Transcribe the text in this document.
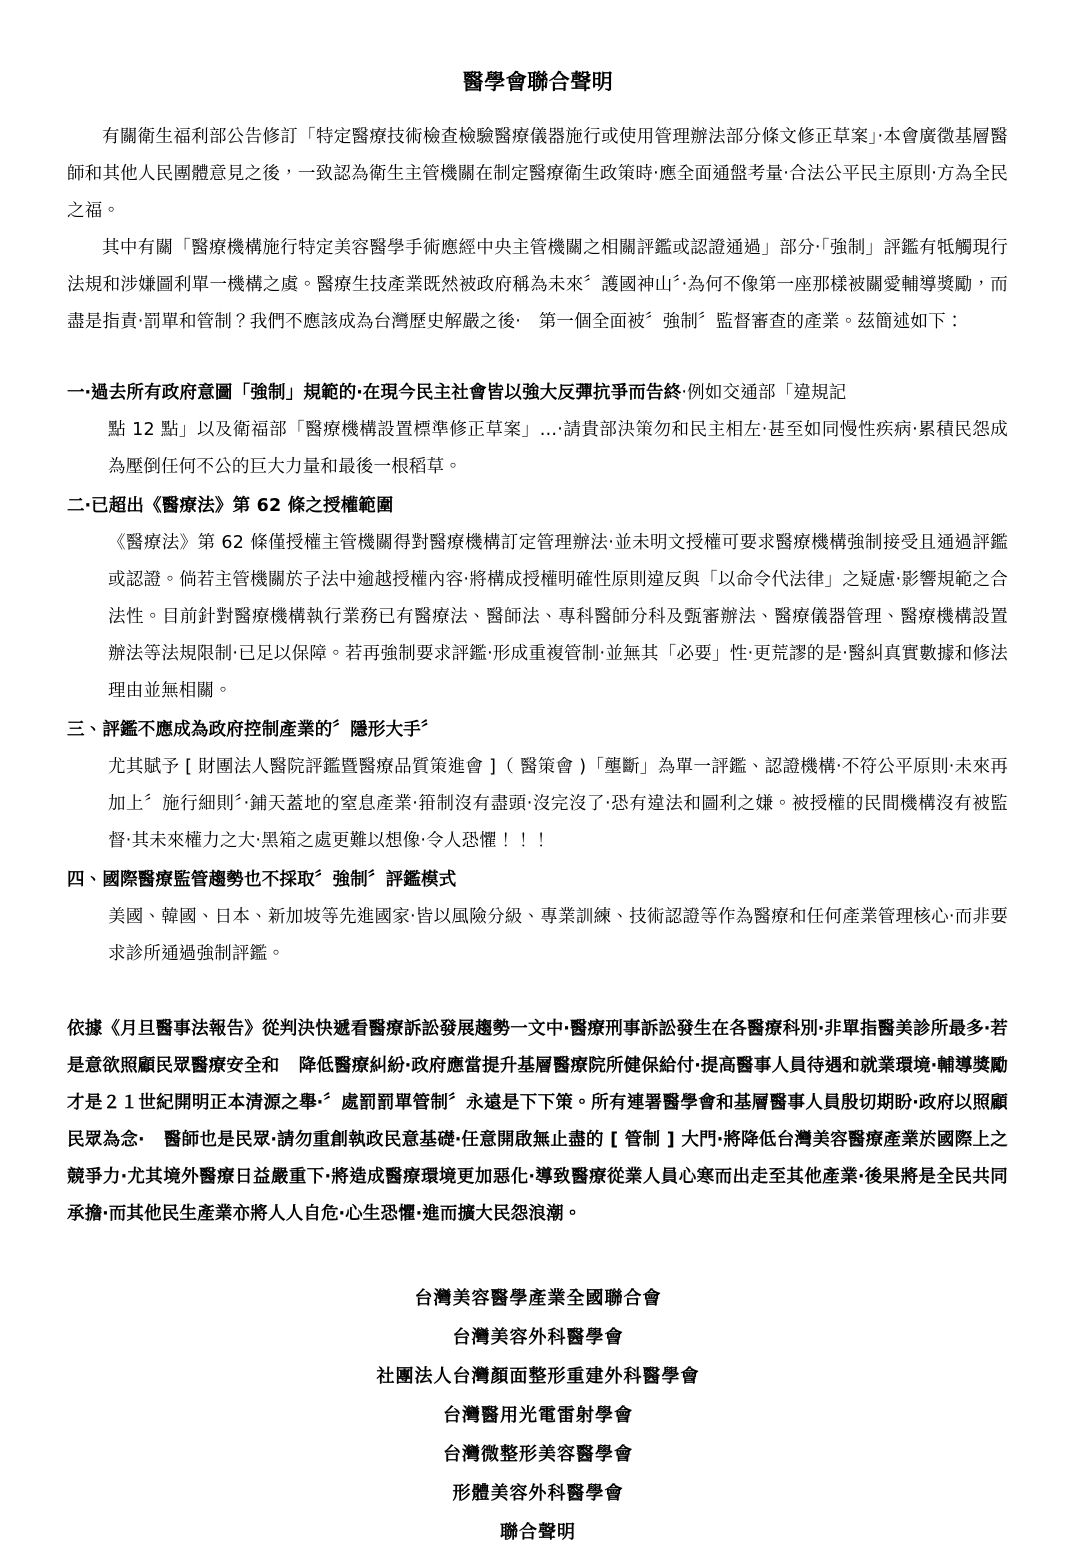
醫學會聯合聲明

有關衛生福利部公告修訂「特定醫療技術檢查檢驗醫療儀器施行或使用管理辦法部分條文修正草案」‧本會廣徵基層醫師和其他人民團體意見之後，一致認為衛生主管機關在制定醫療衛生政策時‧應全面通盤考量‧合法公平民主原則‧方為全民之福。

其中有關「醫療機構施行特定美容醫學手術應經中央主管機關之相關評鑑或認證通過」部分‧「強制」評鑑有牴觸現行法規和涉嫌圖利單一機構之虞。醫療生技產業既然被政府稱為未來〞護國神山〞‧為何不像第一座那樣被關愛輔導獎勵，而盡是指責‧罰單和管制？我們不應該成為台灣歷史解嚴之後‧　第一個全面被〞強制〞監督審查的產業。茲簡述如下：

一‧過去所有政府意圖「強制」規範的‧在現今民主社會皆以強大反彈抗爭而告終‧例如交通部「違規記
點 12 點」以及衛福部「醫療機構設置標準修正草案」…‧請貴部決策勿和民主相左‧甚至如同慢性疾病‧累積民怨成為壓倒任何不公的巨大力量和最後一根稻草。
二‧已超出《醫療法》第 62 條之授權範圍
《醫療法》第 62 條僅授權主管機關得對醫療機構訂定管理辦法‧並未明文授權可要求醫療機構強制接受且通過評鑑或認證。倘若主管機關於子法中逾越授權內容‧將構成授權明確性原則違反與「以命令代法律」之疑慮‧影響規範之合法性。目前針對醫療機構執行業務已有醫療法、醫師法、專科醫師分科及甄審辦法、醫療儀器管理、醫療機構設置辦法等法規限制‧已足以保障。若再強制要求評鑑‧形成重複管制‧並無其「必要」性‧更荒謬的是‧醫糾真實數據和修法理由並無相關。
三、評鑑不應成為政府控制產業的〞隱形大手〞
尤其賦予 [ 財團法人醫院評鑑暨醫療品質策進會 ]（ 醫策會 )「壟斷」為單一評鑑、認證機構‧不符公平原則‧未來再加上〞施行細則〞‧鋪天蓋地的窒息產業‧箝制沒有盡頭‧沒完沒了‧恐有違法和圖利之嫌。被授權的民間機構沒有被監督‧其未來權力之大‧黑箱之處更難以想像‧令人恐懼！！！
四、國際醫療監管趨勢也不採取〞強制〞評鑑模式
美國、韓國、日本、新加坡等先進國家‧皆以風險分級、專業訓練、技術認證等作為醫療和任何產業管理核心‧而非要求診所通過強制評鑑。
依據《月旦醫事法報告》從判決快遞看醫療訴訟發展趨勢一文中‧醫療刑事訴訟發生在各醫療科別‧非單指醫美診所最多‧若是意欲照顧民眾醫療安全和 降低醫療糾紛‧政府應當提升基層醫療院所健保給付‧提高醫事人員待遇和就業環境‧輔導獎勵才是２１世紀開明正本清源之舉‧〞處罰罰單管制〞永遠是下下策。所有連署醫學會和基層醫事人員殷切期盼‧政府以照顧民眾為念‧ 醫師也是民眾‧請勿重創執政民意基礎‧任意開啟無止盡的 [ 管制 ] 大門‧將降低台灣美容醫療產業於國際上之競爭力‧尤其境外醫療日益嚴重下‧將造成醫療環境更加惡化‧導致醫療從業人員心寒而出走至其他產業‧後果將是全民共同承擔‧而其他民生產業亦將人人自危‧心生恐懼‧進而擴大民怨浪潮。
台灣美容醫學產業全國聯合會
台灣美容外科醫學會
社團法人台灣顏面整形重建外科醫學會
台灣醫用光電雷射學會
台灣微整形美容醫學會
形體美容外科醫學會
聯合聲明
